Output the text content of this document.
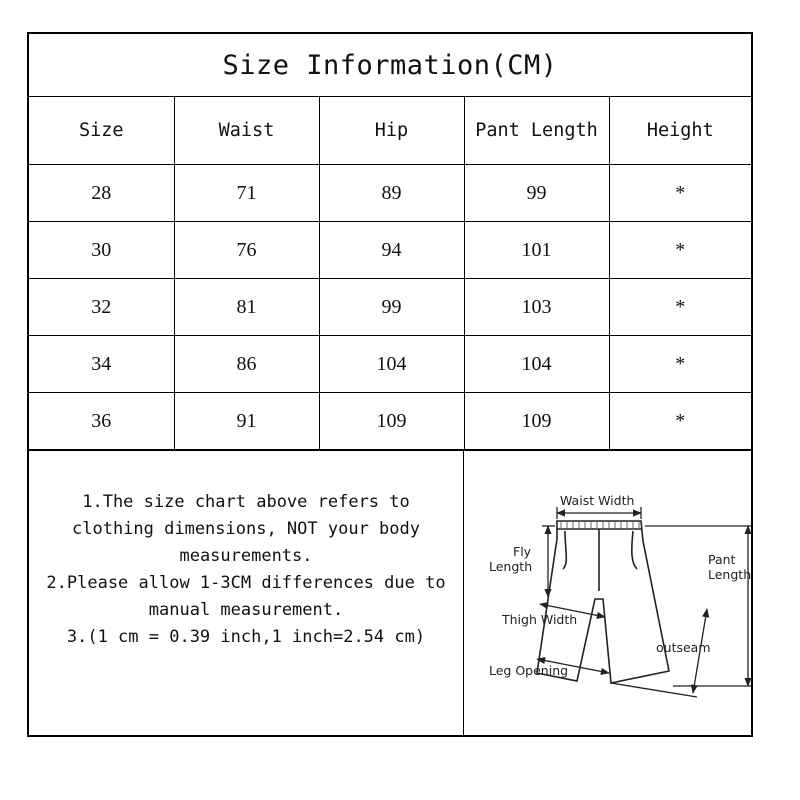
Size Information(CM)
Size	Waist	Hip	Pant Length	Height
28	71	89	99	*
30	76	94	101	*
32	81	99	103	*
34	86	104	104	*
36	91	109	109	*

1.The size chart above refers to clothing dimensions, NOT your body measurements.

2.Please allow 1-3CM differences due to manual measurement.

3.(1 cm = 0.39 inch,1 inch=2.54 cm)

Waist Width
Fly
Length	Pant
Length
Thigh Width
outseam
Leg Opening
